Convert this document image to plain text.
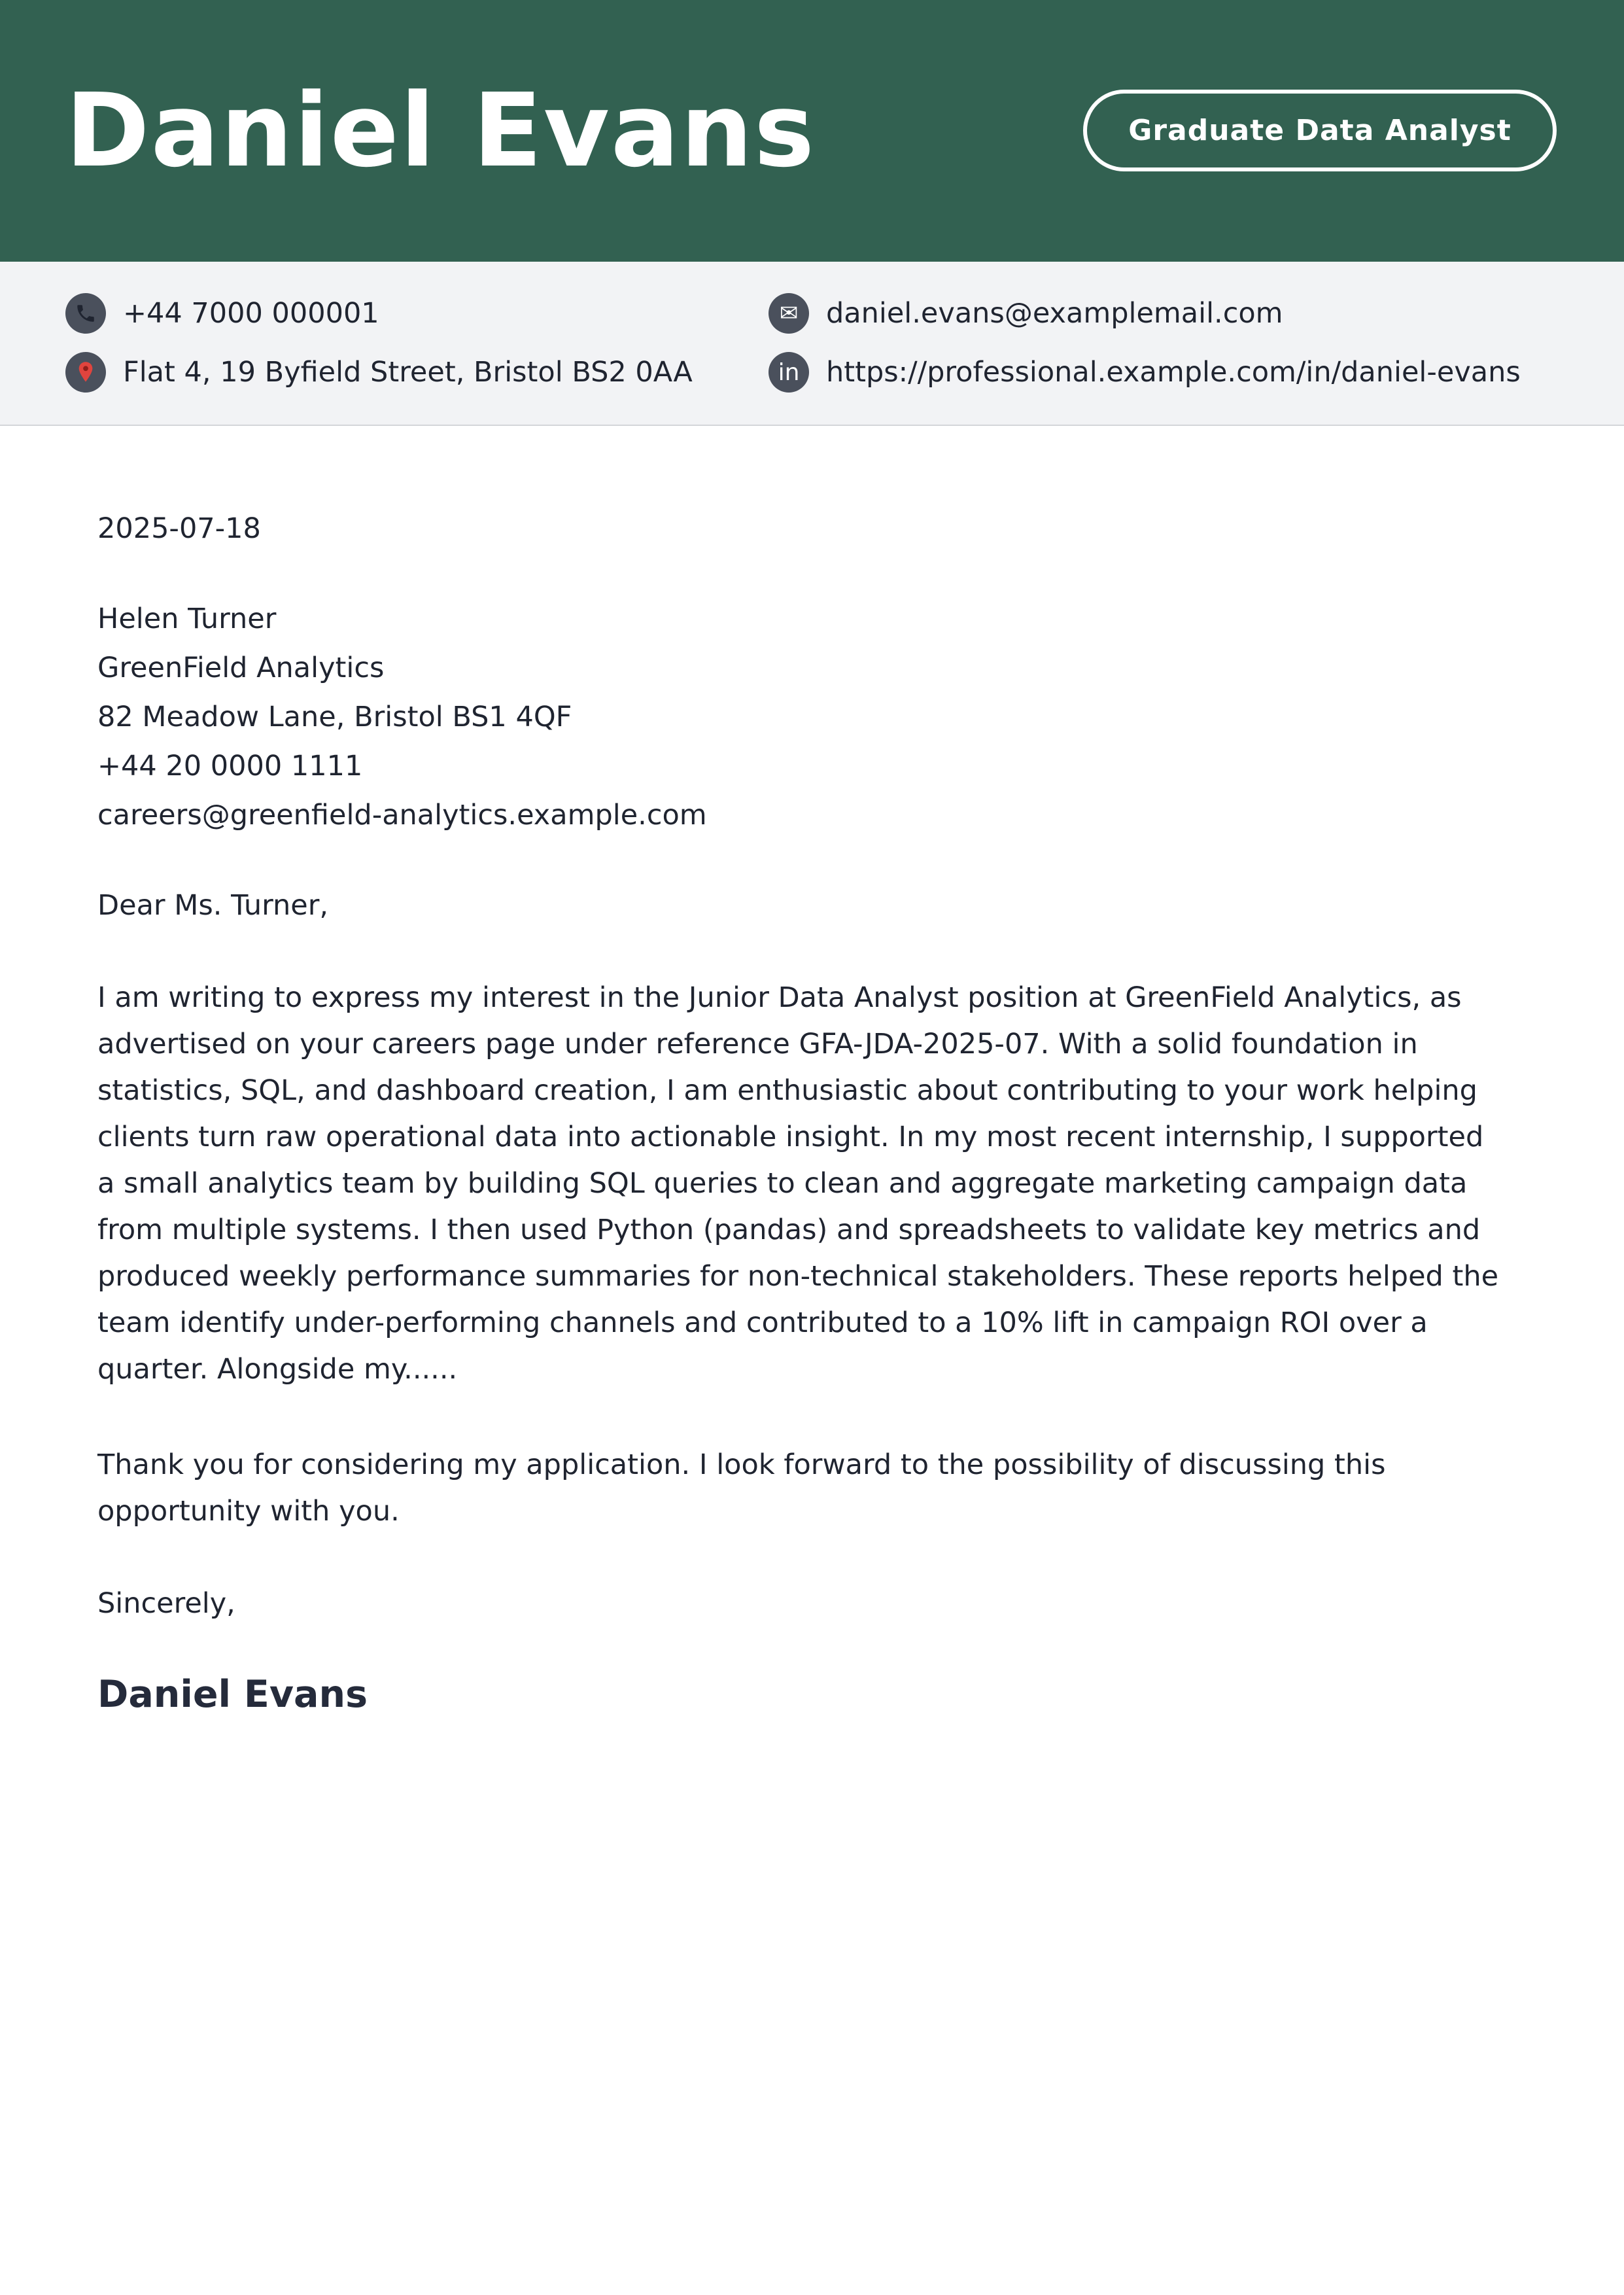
Daniel Evans	Graduate Data Analyst
+44 7000 000001	✉ daniel.evans@examplemail.com
Flat 4, 19 Byfield Street, Bristol BS2 0AA	in https://professional.example.com/in/daniel-evans
2025-07-18
Helen Turner
GreenField Analytics
82 Meadow Lane, Bristol BS1 4QF
+44 20 0000 1111
careers@greenfield-analytics.example.com
Dear Ms. Turner,
I am writing to express my interest in the Junior Data Analyst position at GreenField Analytics, as
advertised on your careers page under reference GFA-JDA-2025-07. With a solid foundation in
statistics, SQL, and dashboard creation, I am enthusiastic about contributing to your work helping
clients turn raw operational data into actionable insight. In my most recent internship, I supported
a small analytics team by building SQL queries to clean and aggregate marketing campaign data
from multiple systems. I then used Python (pandas) and spreadsheets to validate key metrics and
produced weekly performance summaries for non-technical stakeholders. These reports helped the
team identify under-performing channels and contributed to a 10% lift in campaign ROI over a
quarter. Alongside my......
Thank you for considering my application. I look forward to the possibility of discussing this
opportunity with you.
Sincerely,
Daniel Evans
